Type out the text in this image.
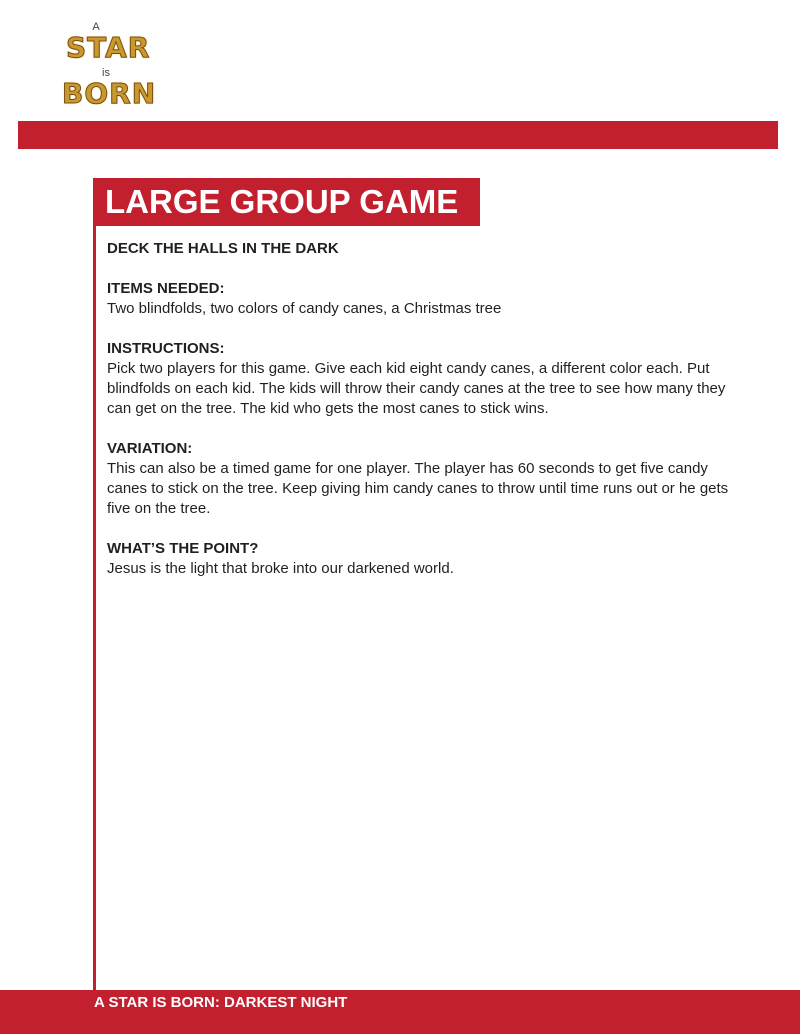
A
STAR
is
BORN
LARGE GROUP GAME

DECK THE HALLS IN THE DARK

ITEMS NEEDED:

Two blindfolds, two colors of candy canes, a Christmas tree

INSTRUCTIONS:

Pick two players for this game. Give each kid eight candy canes, a different color each. Put blindfolds on each kid. The kids will throw their candy canes at the tree to see how many they can get on the tree. The kid who gets the most canes to stick wins.

VARIATION:

This can also be a timed game for one player. The player has 60 seconds to get five candy canes to stick on the tree. Keep giving him candy canes to throw until time runs out or he gets five on the tree.

WHAT’S THE POINT?

Jesus is the light that broke into our darkened world.

A STAR IS BORN: DARKEST NIGHT
